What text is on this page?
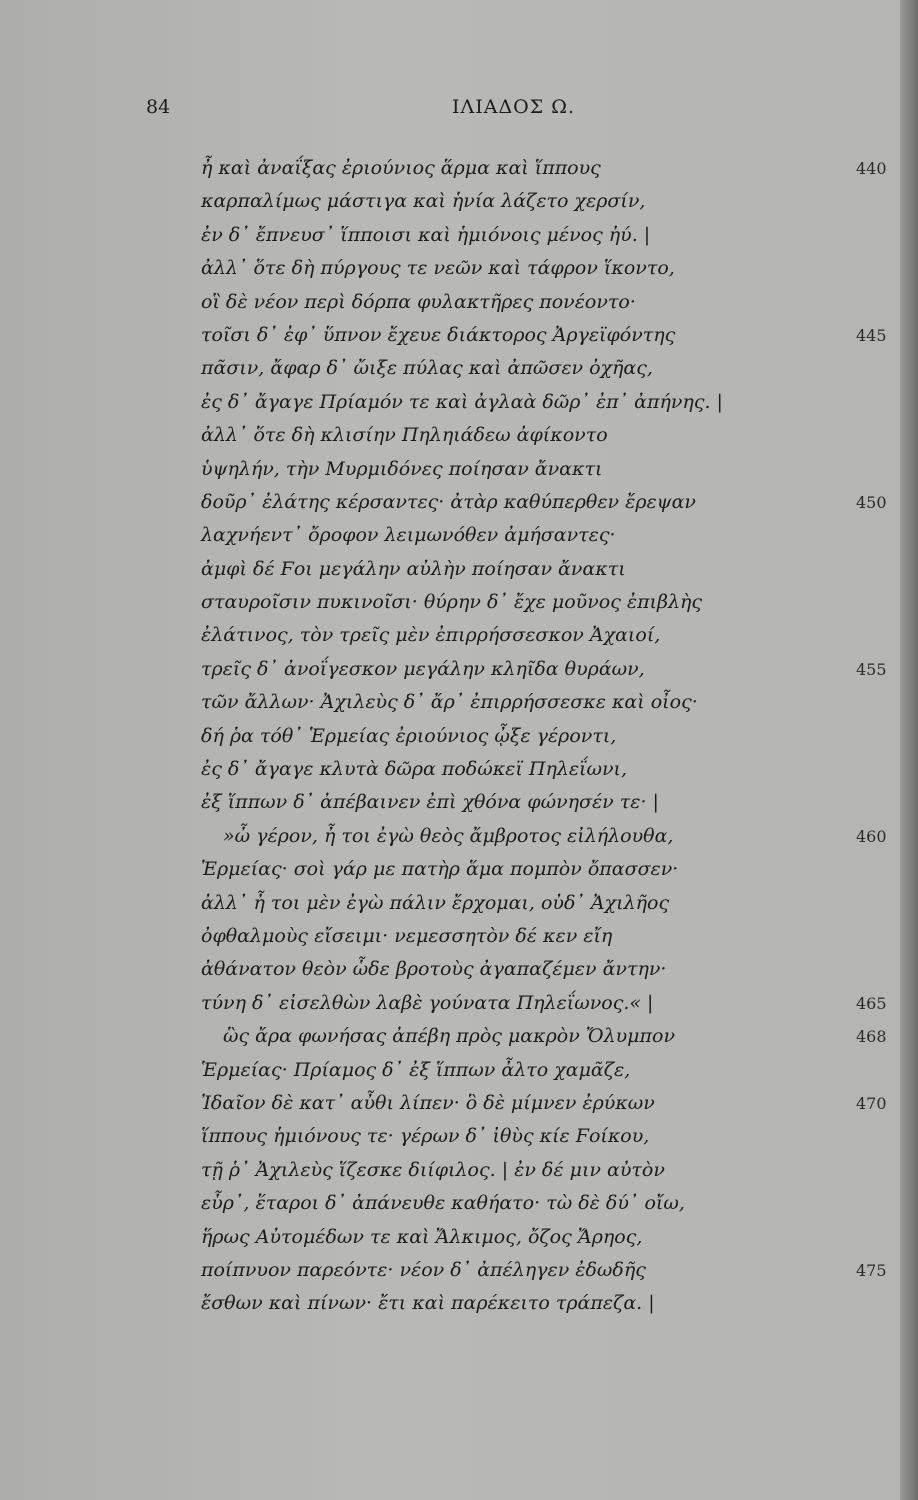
84	ΙΛΙΑΔΟΣ Ω.
ἦ καὶ ἀναΐξας ἐριούνιος ἅρμα καὶ ἵππους	440
καρπαλίμως μάστιγα καὶ ἡνία λάζετο χερσίν,
ἐν δ᾽ ἔπνευσ᾽ ἵπποισι καὶ ἡμιόνοις μένος ἠύ. |
ἀλλ᾽ ὅτε δὴ πύργους τε νεῶν καὶ τάφρον ἵκοντο,
οἳ δὲ νέον περὶ δόρπα φυλακτῆρες πονέοντο·
τοῖσι δ᾽ ἐφ᾽ ὕπνον ἔχευε διάκτορος Ἀργεϊφόντης	445
πᾶσιν, ἄφαρ δ᾽ ὤιξε πύλας καὶ ἀπῶσεν ὀχῆας,
ἐς δ᾽ ἄγαγε Πρίαμόν τε καὶ ἀγλαὰ δῶρ᾽ ἐπ᾽ ἀπήνης. |
ἀλλ᾽ ὅτε δὴ κλισίην Πηληιάδεω ἀφίκοντο
ὑψηλήν, τὴν Μυρμιδόνες ποίησαν ἄνακτι
δοῦρ᾽ ἐλάτης κέρσαντες· ἀτὰρ καθύπερθεν ἔρεψαν	450
λαχνήεντ᾽ ὄροφον λειμωνόθεν ἀμήσαντες·
ἀμφὶ δέ Ϝοι μεγάλην αὐλὴν ποίησαν ἄνακτι
σταυροῖσιν πυκινοῖσι· θύρην δ᾽ ἔχε μοῦνος ἐπιβλὴς
ἐλάτινος, τὸν τρεῖς μὲν ἐπιρρήσσεσκον Ἀχαιοί,
τρεῖς δ᾽ ἀνοΐγεσκον μεγάλην κληῖδα θυράων,	455
τῶν ἄλλων· Ἀχιλεὺς δ᾽ ἄρ᾽ ἐπιρρήσσεσκε καὶ οἶος·
δή ῥα τόθ᾽ Ἑρμείας ἐριούνιος ᾦξε γέροντι,
ἐς δ᾽ ἄγαγε κλυτὰ δῶρα ποδώκεϊ Πηλεΐωνι,
ἐξ ἵππων δ᾽ ἀπέβαινεν ἐπὶ χθόνα φώνησέν τε· |
»ὦ γέρον, ἦ τοι ἐγὼ θεὸς ἄμβροτος εἰλήλουθα,	460
Ἑρμείας· σοὶ γάρ με πατὴρ ἅμα πομπὸν ὄπασσεν·
ἀλλ᾽ ἦ τοι μὲν ἐγὼ πάλιν ἔρχομαι, οὐδ᾽ Ἀχιλῆος
ὀφθαλμοὺς εἴσειμι· νεμεσσητὸν δέ κεν εἴη
ἀθάνατον θεὸν ὧδε βροτοὺς ἀγαπαζέμεν ἄντην·
τύνη δ᾽ εἰσελθὼν λαβὲ γούνατα Πηλεΐωνος.« |	465
ὣς ἄρα φωνήσας ἀπέβη πρὸς μακρὸν Ὄλυμπον	468
Ἑρμείας· Πρίαμος δ᾽ ἐξ ἵππων ἆλτο χαμᾶζε,
Ἰδαῖον δὲ κατ᾽ αὖθι λίπεν· ὃ δὲ μίμνεν ἐρύκων	470
ἵππους ἡμιόνους τε· γέρων δ᾽ ἰθὺς κίε Ϝοίκου,
τῇ ῥ᾽ Ἀχιλεὺς ἵζεσκε διίφιλος. | ἐν δέ μιν αὐτὸν
εὗρ᾽, ἕταροι δ᾽ ἀπάνευθε καθήατο· τὼ δὲ δύ᾽ οἴω,
ἥρως Αὐτομέδων τε καὶ Ἄλκιμος, ὄζος Ἄρηος,
ποίπνυον παρεόντε· νέον δ᾽ ἀπέληγεν ἐδωδῆς	475
ἔσθων καὶ πίνων· ἔτι καὶ παρέκειτο τράπεζα. |
